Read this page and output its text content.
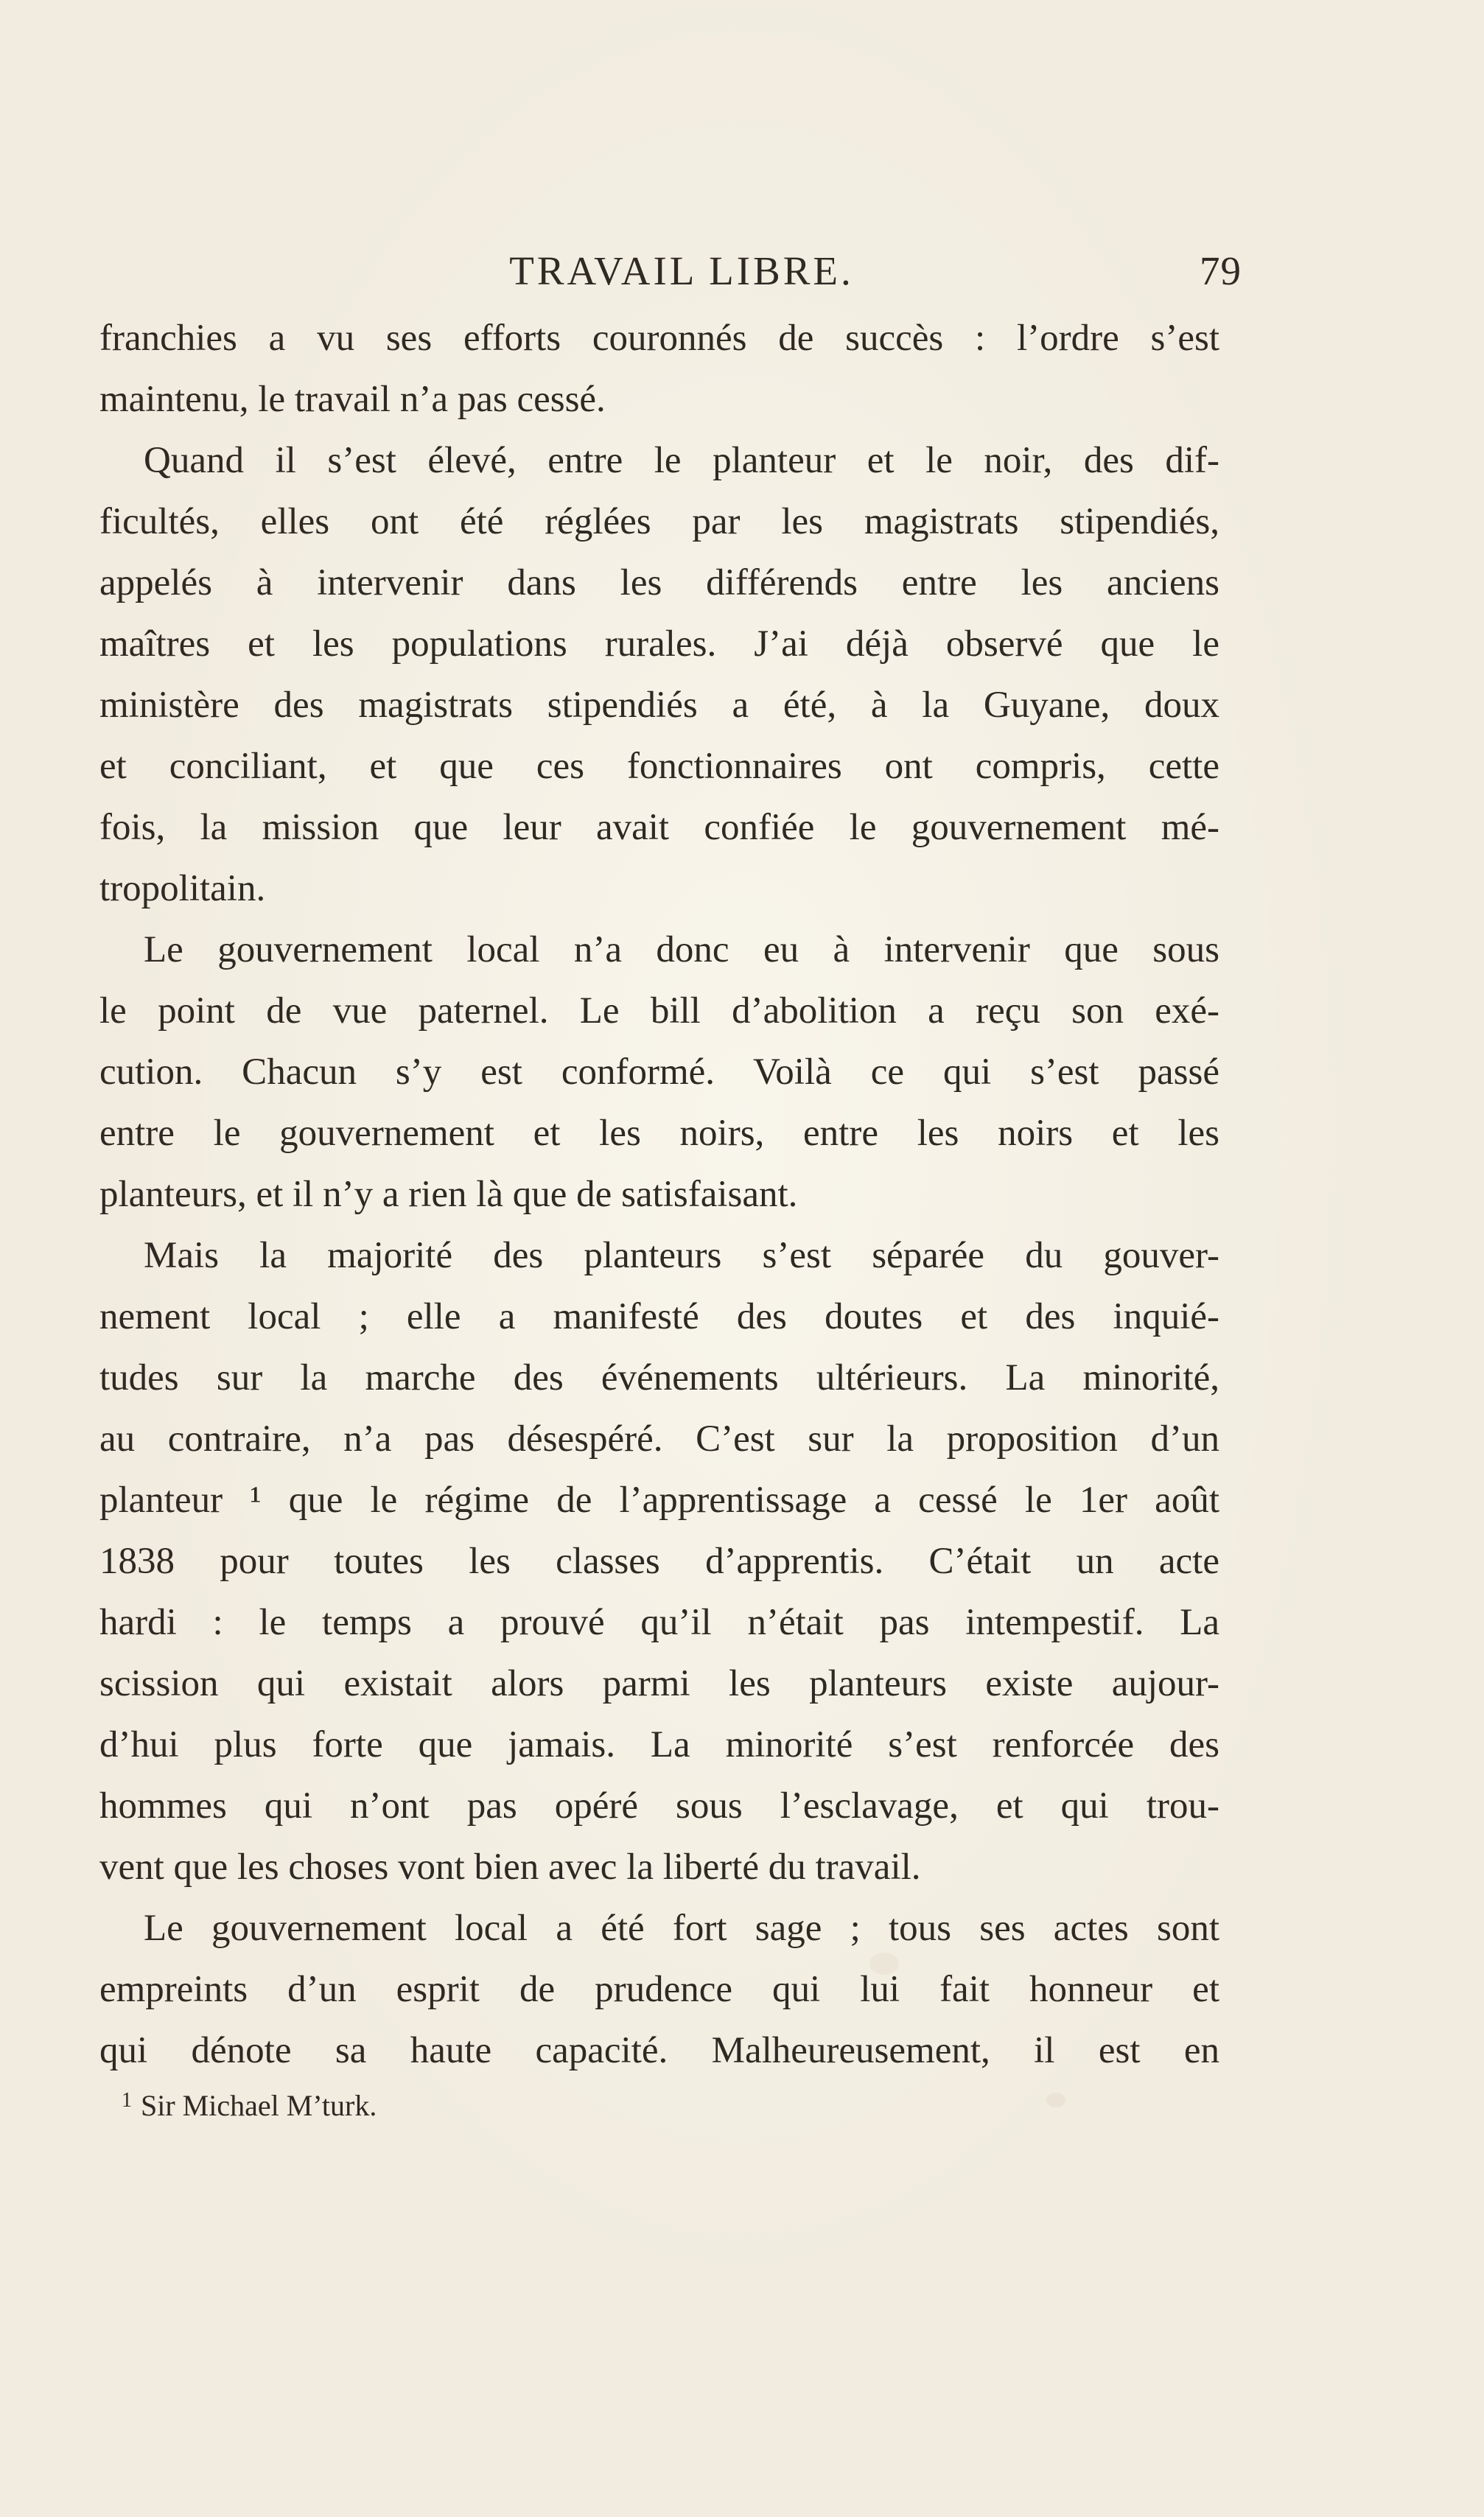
TRAVAIL LIBRE.	79
franchies a vu ses efforts couronnés de succès : l’ordre s’est
maintenu, le travail n’a pas cessé.
Quand il s’est élevé, entre le planteur et le noir, des dif-
ficultés, elles ont été réglées par les magistrats stipendiés,
appelés à intervenir dans les différends entre les anciens
maîtres et les populations rurales. J’ai déjà observé que le
ministère des magistrats stipendiés a été, à la Guyane, doux
et conciliant, et que ces fonctionnaires ont compris, cette
fois, la mission que leur avait confiée le gouvernement mé-
tropolitain.
Le gouvernement local n’a donc eu à intervenir que sous
le point de vue paternel. Le bill d’abolition a reçu son exé-
cution. Chacun s’y est conformé. Voilà ce qui s’est passé
entre le gouvernement et les noirs, entre les noirs et les
planteurs, et il n’y a rien là que de satisfaisant.
Mais la majorité des planteurs s’est séparée du gouver-
nement local ; elle a manifesté des doutes et des inquié-
tudes sur la marche des événements ultérieurs. La minorité,
au contraire, n’a pas désespéré. C’est sur la proposition d’un
planteur ¹ que le régime de l’apprentissage a cessé le 1er août
1838 pour toutes les classes d’apprentis. C’était un acte
hardi : le temps a prouvé qu’il n’était pas intempestif. La
scission qui existait alors parmi les planteurs existe aujour-
d’hui plus forte que jamais. La minorité s’est renforcée des
hommes qui n’ont pas opéré sous l’esclavage, et qui trou-
vent que les choses vont bien avec la liberté du travail.
Le gouvernement local a été fort sage ; tous ses actes sont
empreints d’un esprit de prudence qui lui fait honneur et
qui dénote sa haute capacité. Malheureusement, il est en
$^1$ Sir Michael M’turk.
